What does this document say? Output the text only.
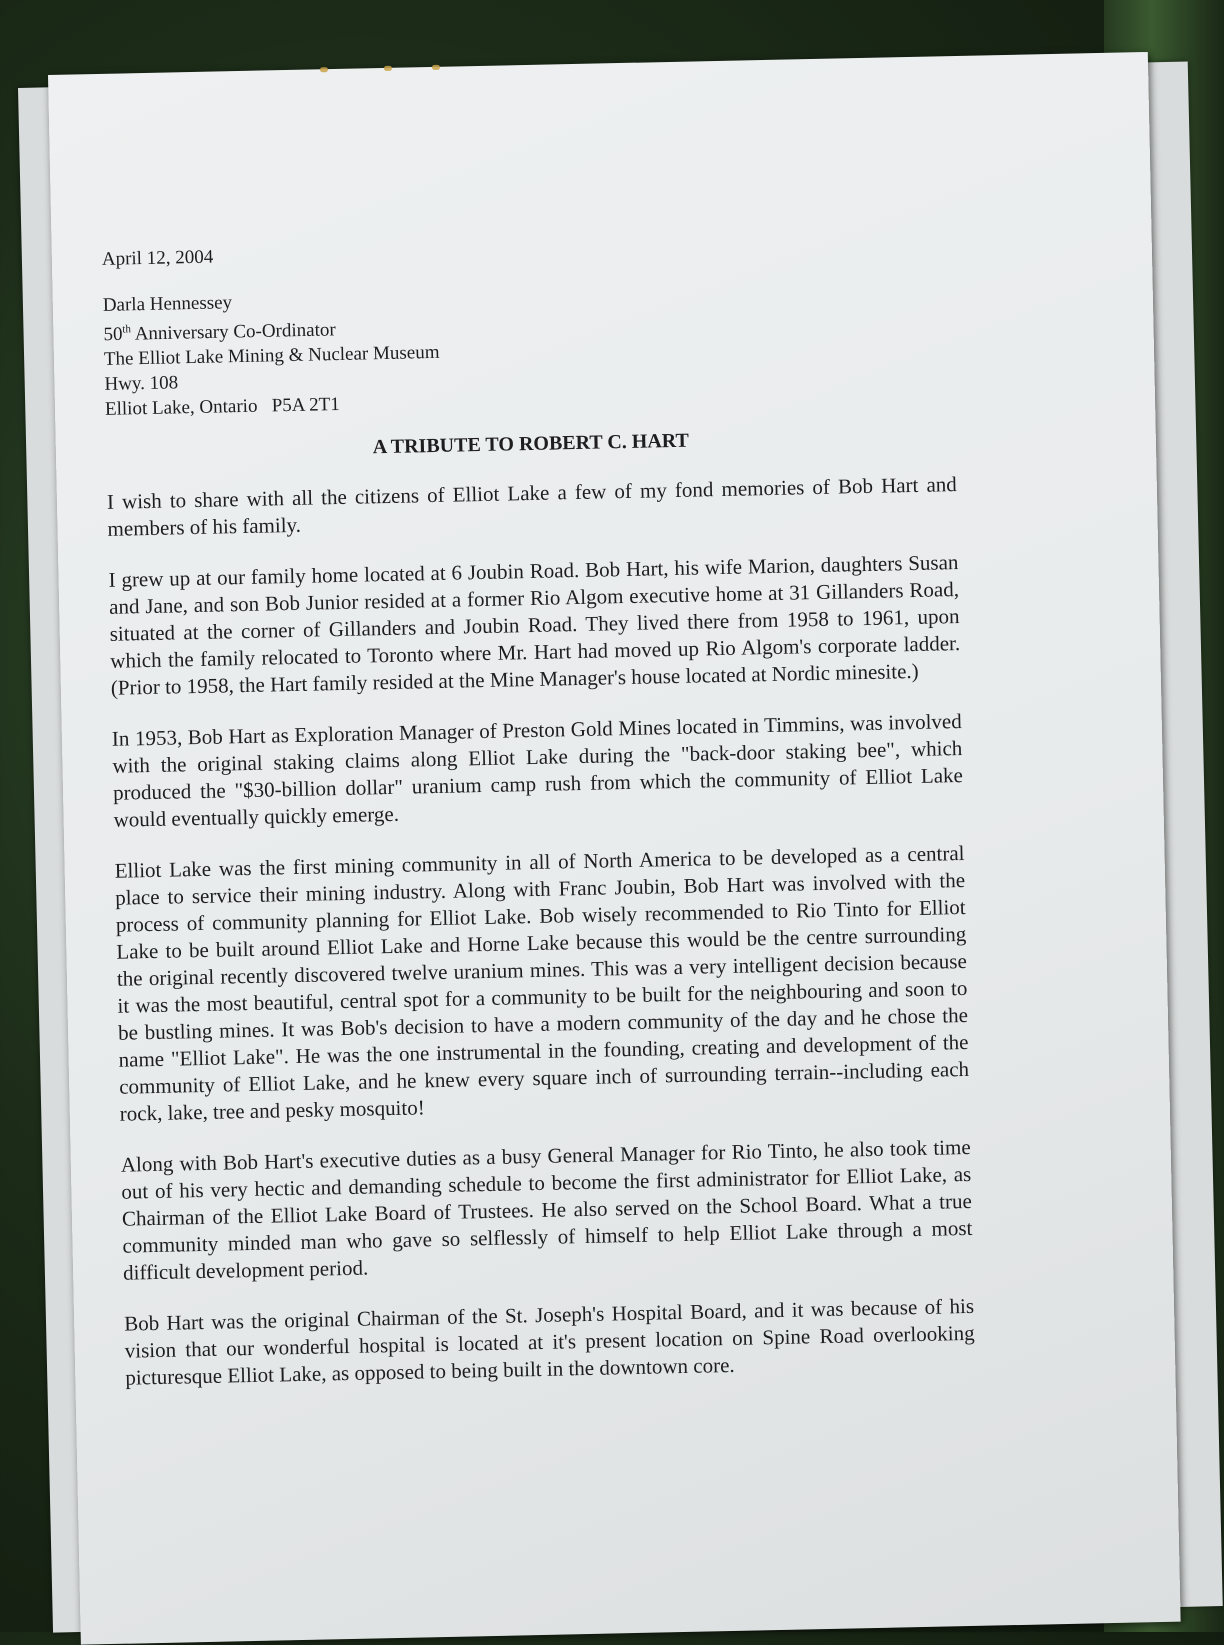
April 12, 2004
Darla Hennessey
50th Anniversary Co-Ordinator
The Elliot Lake Mining & Nuclear Museum
Hwy. 108
Elliot Lake, Ontario P5A 2T1
A TRIBUTE TO ROBERT C. HART

I wish to share with all the citizens of Elliot Lake a few of my fond memories of Bob Hart and members of his family.

I grew up at our family home located at 6 Joubin Road. Bob Hart, his wife Marion, daughters Susan and Jane, and son Bob Junior resided at a former Rio Algom executive home at 31 Gillanders Road, situated at the corner of Gillanders and Joubin Road. They lived there from 1958 to 1961, upon which the family relocated to Toronto where Mr. Hart had moved up Rio Algom's corporate ladder. (Prior to 1958, the Hart family resided at the Mine Manager's house located at Nordic minesite.)

In 1953, Bob Hart as Exploration Manager of Preston Gold Mines located in Timmins, was involved with the original staking claims along Elliot Lake during the "back-door staking bee", which produced the "$30-billion dollar" uranium camp rush from which the community of Elliot Lake would eventually quickly emerge.

Elliot Lake was the first mining community in all of North America to be developed as a central place to service their mining industry. Along with Franc Joubin, Bob Hart was involved with the process of community planning for Elliot Lake. Bob wisely recommended to Rio Tinto for Elliot Lake to be built around Elliot Lake and Horne Lake because this would be the centre surrounding the original recently discovered twelve uranium mines. This was a very intelligent decision because it was the most beautiful, central spot for a community to be built for the neighbouring and soon to be bustling mines. It was Bob's decision to have a modern community of the day and he chose the name "Elliot Lake". He was the one instrumental in the founding, creating and development of the community of Elliot Lake, and he knew every square inch of surrounding terrain--including each rock, lake, tree and pesky mosquito!

Along with Bob Hart's executive duties as a busy General Manager for Rio Tinto, he also took time out of his very hectic and demanding schedule to become the first administrator for Elliot Lake, as Chairman of the Elliot Lake Board of Trustees. He also served on the School Board. What a true community minded man who gave so selflessly of himself to help Elliot Lake through a most difficult development period.

Bob Hart was the original Chairman of the St. Joseph's Hospital Board, and it was because of his vision that our wonderful hospital is located at it's present location on Spine Road overlooking picturesque Elliot Lake, as opposed to being built in the downtown core.
